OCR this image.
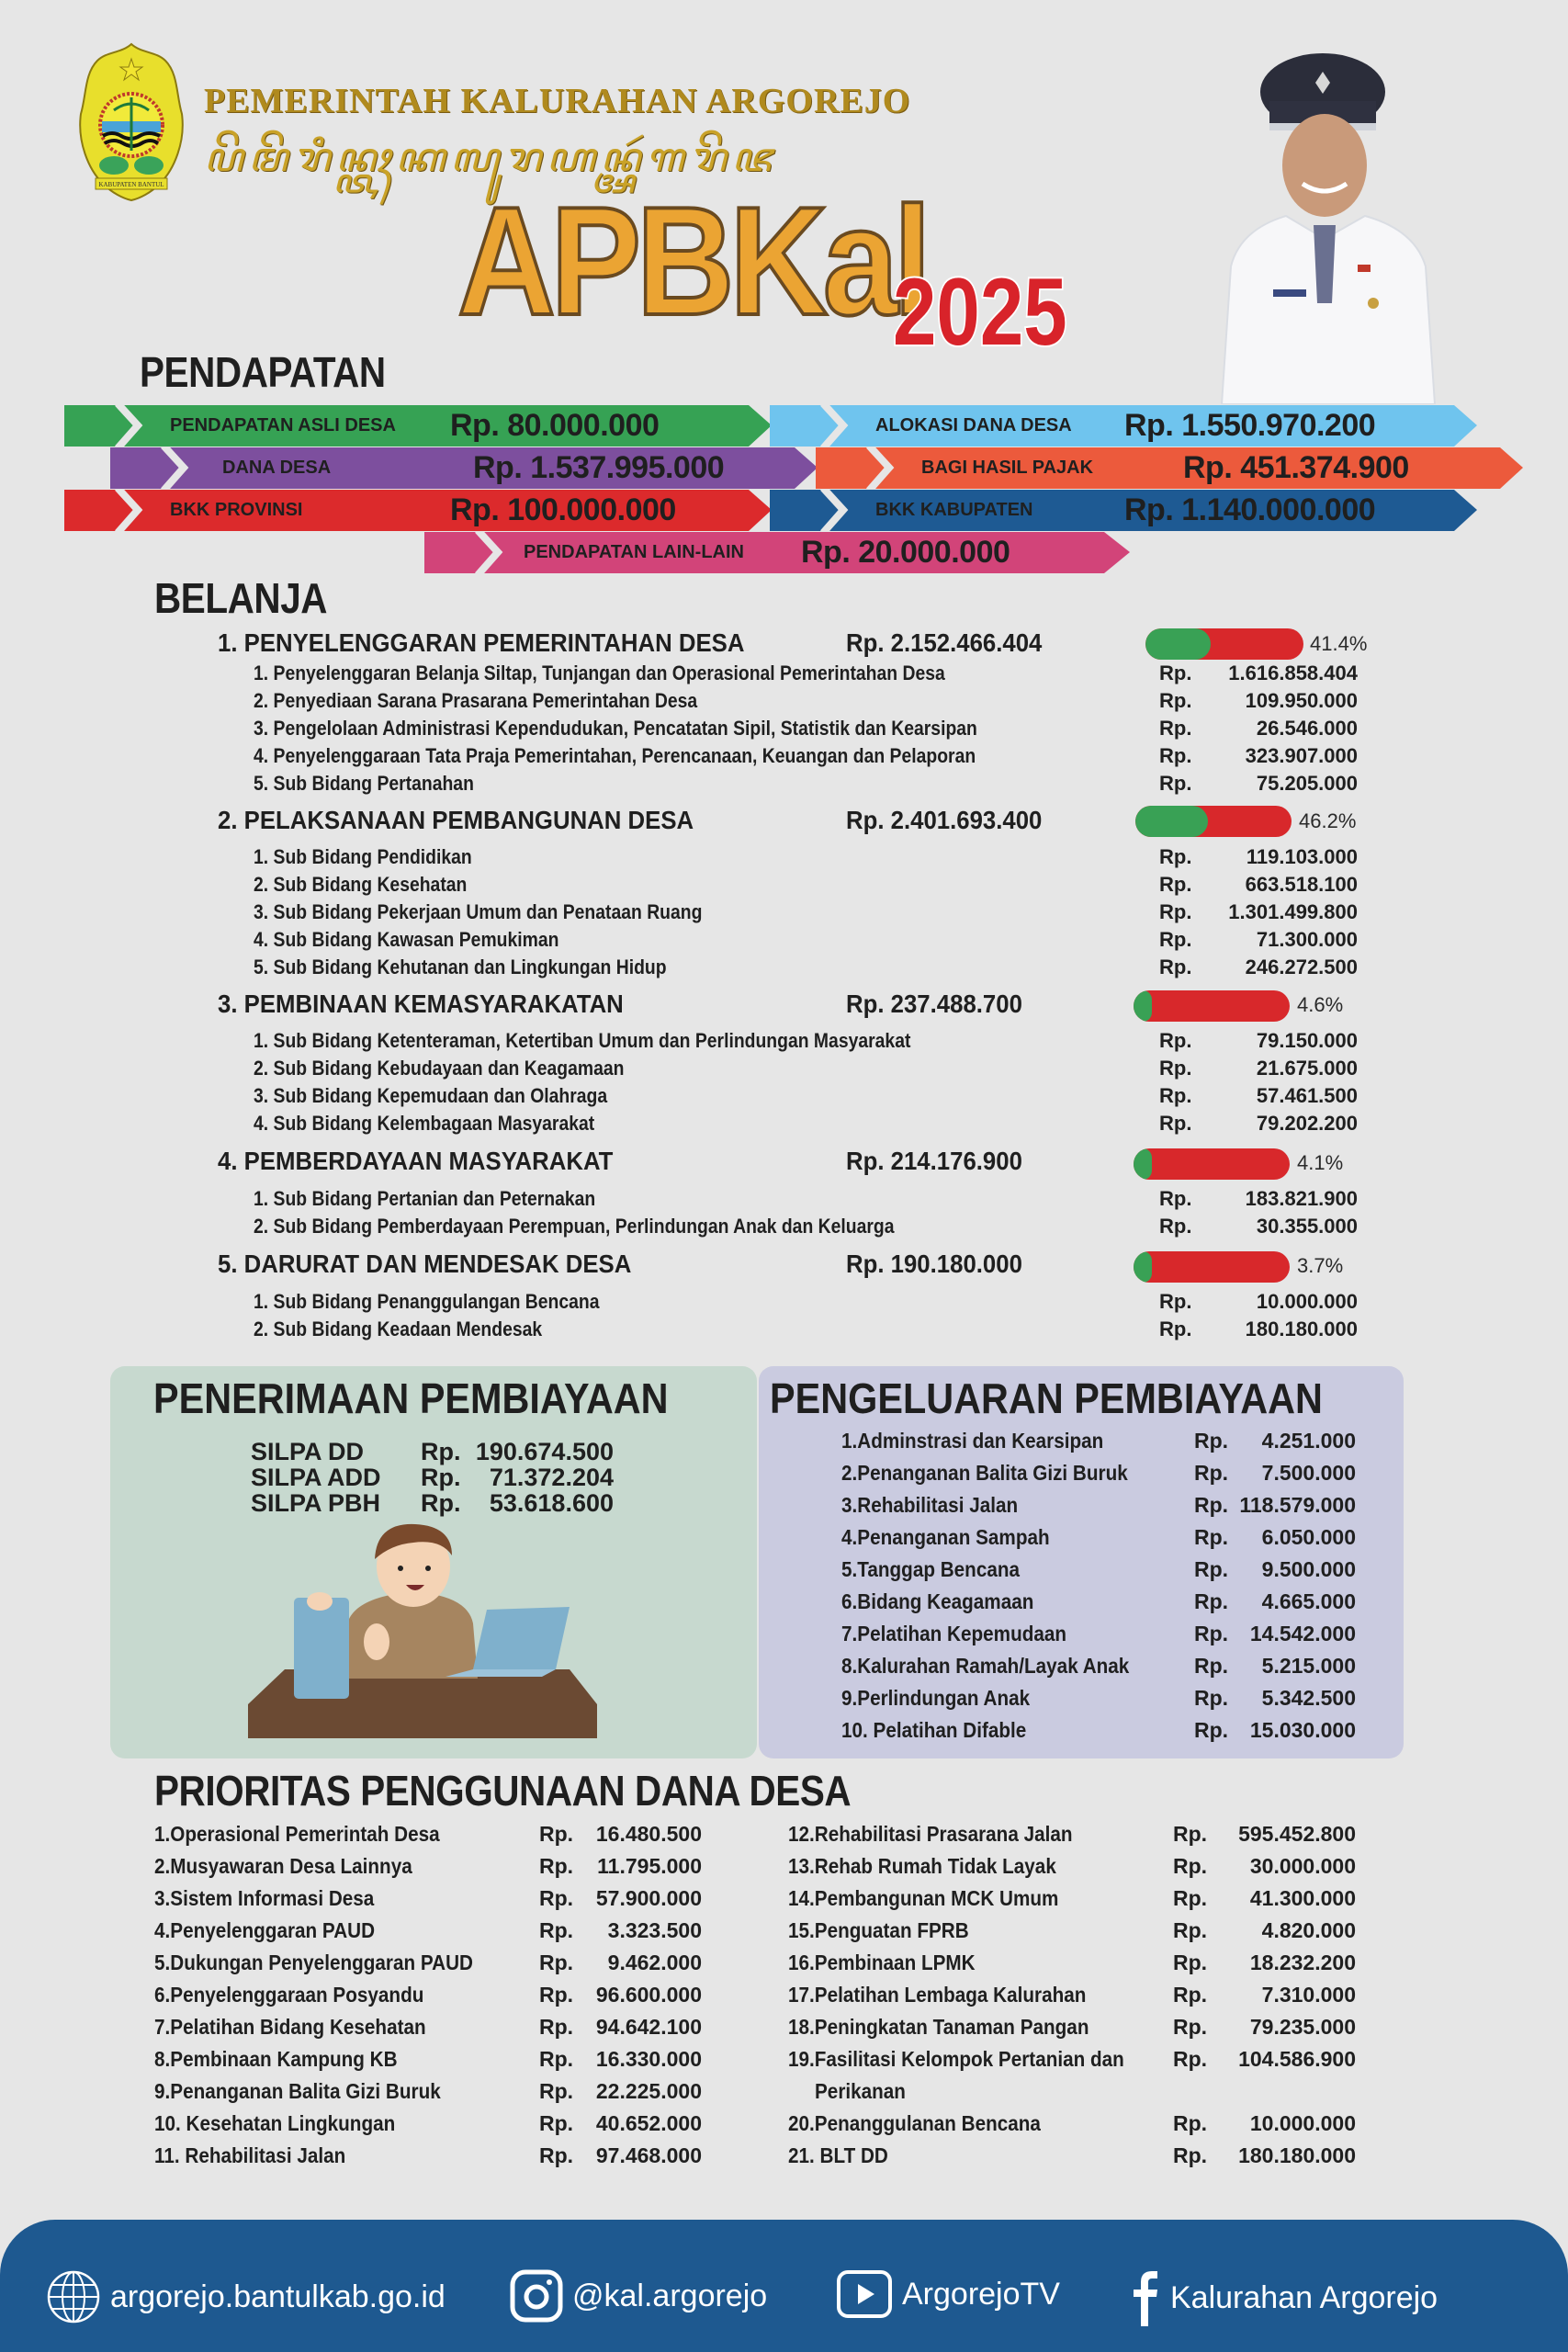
KABUPATEN BANTUL
PEMERINTAH KALURAHAN ARGOREJO
ꦥꦼꦩꦼꦫꦶꦤ꧀ꦠꦃꦏꦭꦸꦫꦲꦤ꧀ꦄꦂꦒꦫꦼꦗ
APBKal
2025
PENDAPATAN
PENDAPATAN ASLI DESA Rp. 80.000.000	ALOKASI DANA DESA Rp. 1.550.970.200
DANA DESA	Rp. 1.537.995.000	BAGI HASIL PAJAK	Rp. 451.374.900
BKK PROVINSI	Rp. 100.000.000	BKK KABUPATEN	Rp. 1.140.000.000
PENDAPATAN LAIN-LAIN Rp. 20.000.000
BELANJA
1. PENYELENGGARAN PEMERINTAHAN DESA	Rp. 2.152.466.404	41.4%
1. Penyelenggaran Belanja Siltap, Tunjangan dan Operasional Pemerintahan Desa	Rp.	1.616.858.404
2. Penyediaan Sarana Prasarana Pemerintahan Desa	Rp.	109.950.000
3. Pengelolaan Administrasi Kependudukan, Pencatatan Sipil, Statistik dan Kearsipan	Rp.	26.546.000
4. Penyelenggaraan Tata Praja Pemerintahan, Perencanaan, Keuangan dan Pelaporan	Rp.	323.907.000
5. Sub Bidang Pertanahan	Rp.	75.205.000
2. PELAKSANAAN PEMBANGUNAN DESA	Rp. 2.401.693.400	46.2%
1. Sub Bidang Pendidikan	Rp.	119.103.000
2. Sub Bidang Kesehatan	Rp.	663.518.100
3. Sub Bidang Pekerjaan Umum dan Penataan Ruang	Rp.	1.301.499.800
4. Sub Bidang Kawasan Pemukiman	Rp.	71.300.000
5. Sub Bidang Kehutanan dan Lingkungan Hidup	Rp.	246.272.500
3. PEMBINAAN KEMASYARAKATAN	Rp. 237.488.700	4.6%
1. Sub Bidang Ketenteraman, Ketertiban Umum dan Perlindungan Masyarakat	Rp.	79.150.000
2. Sub Bidang Kebudayaan dan Keagamaan	Rp.	21.675.000
3. Sub Bidang Kepemudaan dan Olahraga	Rp.	57.461.500
4. Sub Bidang Kelembagaan Masyarakat	Rp.	79.202.200
4. PEMBERDAYAAN MASYARAKAT	Rp. 214.176.900	4.1%
1. Sub Bidang Pertanian dan Peternakan	Rp.	183.821.900
2. Sub Bidang Pemberdayaan Perempuan, Perlindungan Anak dan Keluarga	Rp.	30.355.000
5. DARURAT DAN MENDESAK DESA	Rp. 190.180.000	3.7%
1. Sub Bidang Penanggulangan Bencana	Rp.	10.000.000
2. Sub Bidang Keadaan Mendesak	Rp.	180.180.000
PENERIMAAN PEMBIAYAAN
SILPA DD Rp. 190.674.500
SILPA ADD Rp.	71.372.204
SILPA PBH Rp.	53.618.600
PENGELUARAN PEMBIAYAAN
1.Adminstrasi dan Kearsipan	Rp.	4.251.000
2.Penanganan Balita Gizi Buruk	Rp.	7.500.000
3.Rehabilitasi Jalan	Rp. 118.579.000
4.Penanganan Sampah	Rp.	6.050.000
5.Tanggap Bencana	Rp.	9.500.000
6.Bidang Keagamaan	Rp.	4.665.000
7.Pelatihan Kepemudaan	Rp.	14.542.000
8.Kalurahan Ramah/Layak Anak	Rp.	5.215.000
9.Perlindungan Anak	Rp.	5.342.500
10. Pelatihan Difable	Rp.	15.030.000
PRIORITAS PENGGUNAAN DANA DESA
1.Operasional Pemerintah Desa	Rp.	16.480.500
2.Musyawaran Desa Lainnya	Rp.	11.795.000
3.Sistem Informasi Desa	Rp.	57.900.000
4.Penyelenggaran PAUD	Rp.	3.323.500
5.Dukungan Penyelenggaran PAUD	Rp.	9.462.000
6.Penyelenggaraan Posyandu	Rp.	96.600.000
7.Pelatihan Bidang Kesehatan	Rp.	94.642.100
8.Pembinaan Kampung KB	Rp.	16.330.000
9.Penanganan Balita Gizi Buruk	Rp.	22.225.000
10. Kesehatan Lingkungan	Rp.	40.652.000
11. Rehabilitasi Jalan	Rp.	97.468.000
12.Rehabilitasi Prasarana Jalan	Rp.	595.452.800
13.Rehab Rumah Tidak Layak	Rp.	30.000.000
14.Pembangunan MCK Umum	Rp.	41.300.000
15.Penguatan FPRB	Rp.	4.820.000
16.Pembinaan LPMK	Rp.	18.232.200
17.Pelatihan Lembaga Kalurahan	Rp.	7.310.000
18.Peningkatan Tanaman Pangan	Rp.	79.235.000
19.Fasilitasi Kelompok Pertanian dan
Perikanan
Rp.	104.586.900
20.Penanggulanan Bencana	Rp.	10.000.000
21. BLT DD	Rp.	180.180.000
argorejo.bantulkab.go.id	@kal.argorejo	ArgorejoTV	Kalurahan Argorejo
